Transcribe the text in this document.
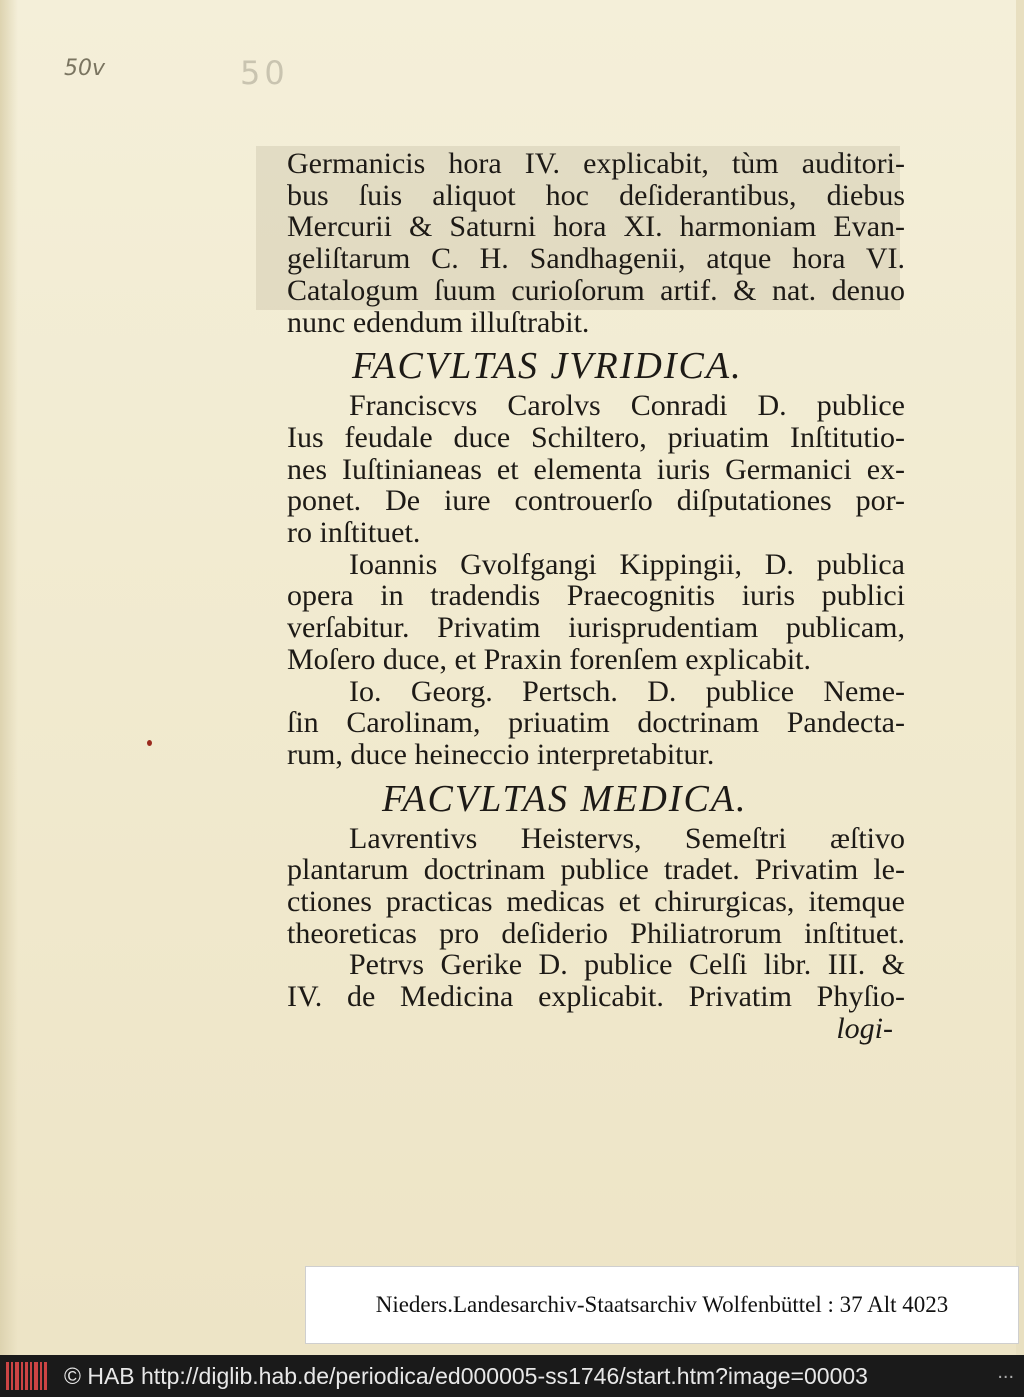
50v	50
Germanicis hora IV. explicabit, tùm auditori-
bus ſuis aliquot hoc deſiderantibus, diebus
Mercurii & Saturni hora XI. harmoniam Evan-
geliſtarum C. H. Sandhagenii, atque hora VI.
Catalogum ſuum curioſorum artif. & nat. denuo
nunc edendum illuſtrabit.
FACVLTAS JVRIDICA.
Franciscvs Carolvs Conradi D. publice
Ius feudale duce Schiltero, priuatim Inſtitutio-
nes Iuſtinianeas et elementa iuris Germanici ex-
ponet. De iure controuerſo diſputationes por-
ro inſtituet.
Ioannis Gvolfgangi Kippingii, D. publica
opera in tradendis Praecognitis iuris publici
verſabitur. Privatim iurisprudentiam publicam,
Moſero duce, et Praxin forenſem explicabit.
Io. Georg. Pertsch. D. publice Neme-
ſin Carolinam, priuatim doctrinam Pandecta-
rum, duce heineccio interpretabitur.
FACVLTAS MEDICA.
Lavrentivs Heistervs, Semeſtri æſtivo
plantarum doctrinam publice tradet. Privatim le-
ctiones practicas medicas et chirurgicas, itemque
theoreticas pro deſiderio Philiatrorum inſtituet.
Petrvs Gerike D. publice Celſi libr. III. &
IV. de Medicina explicabit. Privatim Phyſio-
logi-
Nieders.Landesarchiv-Staatsarchiv Wolfenbüttel : 37 Alt 4023
© HAB http://diglib.hab.de/periodica/ed000005-ss1746/start.htm?image=00003	...
